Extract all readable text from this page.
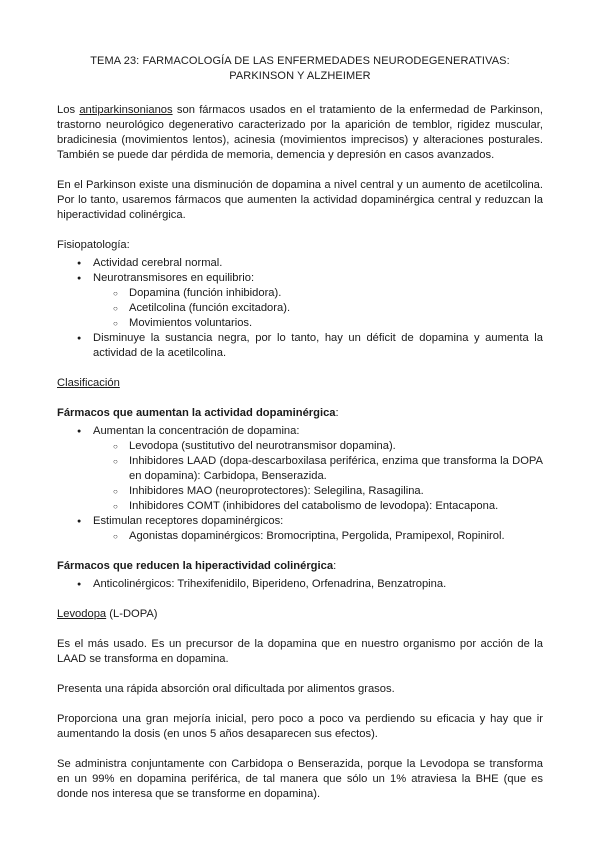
TEMA 23: FARMACOLOGÍA DE LAS ENFERMEDADES NEURODEGENERATIVAS: PARKINSON Y ALZHEIMER

Los antiparkinsonianos son fármacos usados en el tratamiento de la enfermedad de Parkinson, trastorno neurológico degenerativo caracterizado por la aparición de temblor, rigidez muscular, bradicinesia (movimientos lentos), acinesia (movimientos imprecisos) y alteraciones posturales. También se puede dar pérdida de memoria, demencia y depresión en casos avanzados.

En el Parkinson existe una disminución de dopamina a nivel central y un aumento de acetilcolina. Por lo tanto, usaremos fármacos que aumenten la actividad dopaminérgica central y reduzcan la hiperactividad colinérgica.

Fisiopatología:
● Actividad cerebral normal.
● Neurotransmisores en equilibrio:
○ Dopamina (función inhibidora).
○ Acetilcolina (función excitadora).
○ Movimientos voluntarios.
● Disminuye la sustancia negra, por lo tanto, hay un déficit de dopamina y aumenta la actividad de la acetilcolina.

Clasificación

Fármacos que aumentan la actividad dopaminérgica:
● Aumentan la concentración de dopamina:
○ Levodopa (sustitutivo del neurotransmisor dopamina).
○ Inhibidores LAAD (dopa-descarboxilasa periférica, enzima que transforma la DOPA en dopamina): Carbidopa, Benserazida.
○ Inhibidores MAO (neuroprotectores): Selegilina, Rasagilina.
○ Inhibidores COMT (inhibidores del catabolismo de levodopa): Entacapona.
● Estimulan receptores dopaminérgicos:
○ Agonistas dopaminérgicos: Bromocriptina, Pergolida, Pramipexol, Ropinirol.
Fármacos que reducen la hiperactividad colinérgica:
● Anticolinérgicos: Trihexifenidilo, Biperideno, Orfenadrina, Benzatropina.

Levodopa (L-DOPA)

Es el más usado. Es un precursor de la dopamina que en nuestro organismo por acción de la LAAD se transforma en dopamina.

Presenta una rápida absorción oral dificultada por alimentos grasos.

Proporciona una gran mejoría inicial, pero poco a poco va perdiendo su eficacia y hay que ir aumentando la dosis (en unos 5 años desaparecen sus efectos).

Se administra conjuntamente con Carbidopa o Benserazida, porque la Levodopa se transforma en un 99% en dopamina periférica, de tal manera que sólo un 1% atraviesa la BHE (que es donde nos interesa que se transforme en dopamina).
